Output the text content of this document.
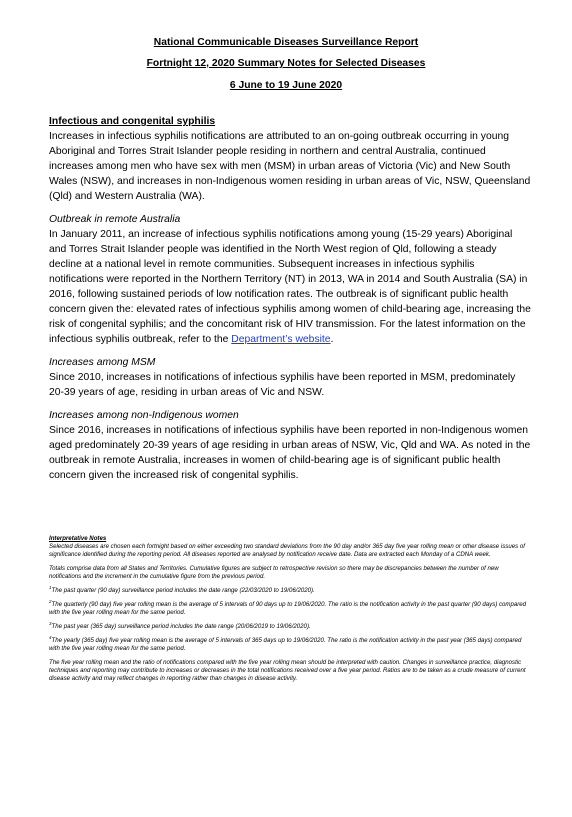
National Communicable Diseases Surveillance Report
Fortnight 12, 2020 Summary Notes for Selected Diseases
6 June to 19 June 2020

Infectious and congenital syphilis

Increases in infectious syphilis notifications are attributed to an on-going outbreak occurring in young Aboriginal and Torres Strait Islander people residing in northern and central Australia, continued increases among men who have sex with men (MSM) in urban areas of Victoria (Vic) and New South Wales (NSW), and increases in non-Indigenous women residing in urban areas of Vic, NSW, Queensland (Qld) and Western Australia (WA).

Outbreak in remote Australia

In January 2011, an increase of infectious syphilis notifications among young (15-29 years) Aboriginal and Torres Strait Islander people was identified in the North West region of Qld, following a steady decline at a national level in remote communities. Subsequent increases in infectious syphilis notifications were reported in the Northern Territory (NT) in 2013, WA in 2014 and South Australia (SA) in 2016, following sustained periods of low notification rates. The outbreak is of significant public health concern given the: elevated rates of infectious syphilis among women of child-bearing age, increasing the risk of congenital syphilis; and the concomitant risk of HIV transmission. For the latest information on the infectious syphilis outbreak, refer to the Department’s website.

Increases among MSM

Since 2010, increases in notifications of infectious syphilis have been reported in MSM, predominately 20-39 years of age, residing in urban areas of Vic and NSW.

Increases among non-Indigenous women

Since 2016, increases in notifications of infectious syphilis have been reported in non-Indigenous women aged predominately 20-39 years of age residing in urban areas of NSW, Vic, Qld and WA. As noted in the outbreak in remote Australia, increases in women of child-bearing age is of significant public health concern given the increased risk of congenital syphilis.

Interpretative Notes

Selected diseases are chosen each fortnight based on either exceeding two standard deviations from the 90 day and/or 365 day five year rolling mean or other disease issues of significance identified during the reporting period. All diseases reported are analysed by notification receive date. Data are extracted each Monday of a CDNA week.

Totals comprise data from all States and Territories. Cumulative figures are subject to retrospective revision so there may be discrepancies between the number of new notifications and the increment in the cumulative figure from the previous period.

$^1$The past quarter (90 day) surveillance period includes the date range (22/03/2020 to 19/06/2020).

$^2$The quarterly (90 day) five year rolling mean is the average of 5 intervals of 90 days up to 19/06/2020. The ratio is the notification activity in the past quarter (90 days) compared with the five year rolling mean for the same period.

$^3$The past year (365 day) surveillance period includes the date range (20/06/2019 to 19/06/2020).

$^4$The yearly (365 day) five year rolling mean is the average of 5 intervals of 365 days up to 19/06/2020. The ratio is the notification activity in the past year (365 days) compared with the five year rolling mean for the same period.

The five year rolling mean and the ratio of notifications compared with the five year rolling mean should be interpreted with caution. Changes in surveillance practice, diagnostic techniques and reporting may contribute to increases or decreases in the total notifications received over a five year period. Ratios are to be taken as a crude measure of current disease activity and may reflect changes in reporting rather than changes in disease activity.
